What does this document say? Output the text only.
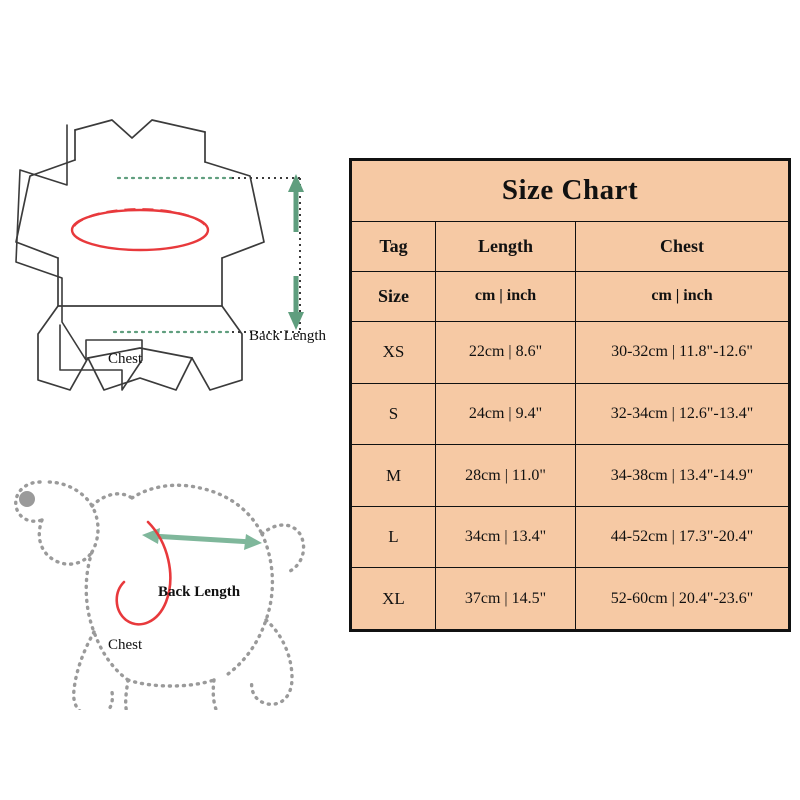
Chest
Back Length
Back Length
Chest
Size Chart		
Tag	Length	Chest
Size	cm | inch	cm | inch
XS	22cm | 8.6"	30-32cm | 11.8"-12.6"
S	24cm | 9.4"	32-34cm | 12.6"-13.4"
M	28cm | 11.0"	34-38cm | 13.4"-14.9"
L	34cm | 13.4"	44-52cm | 17.3"-20.4"
XL	37cm | 14.5"	52-60cm | 20.4"-23.6"
